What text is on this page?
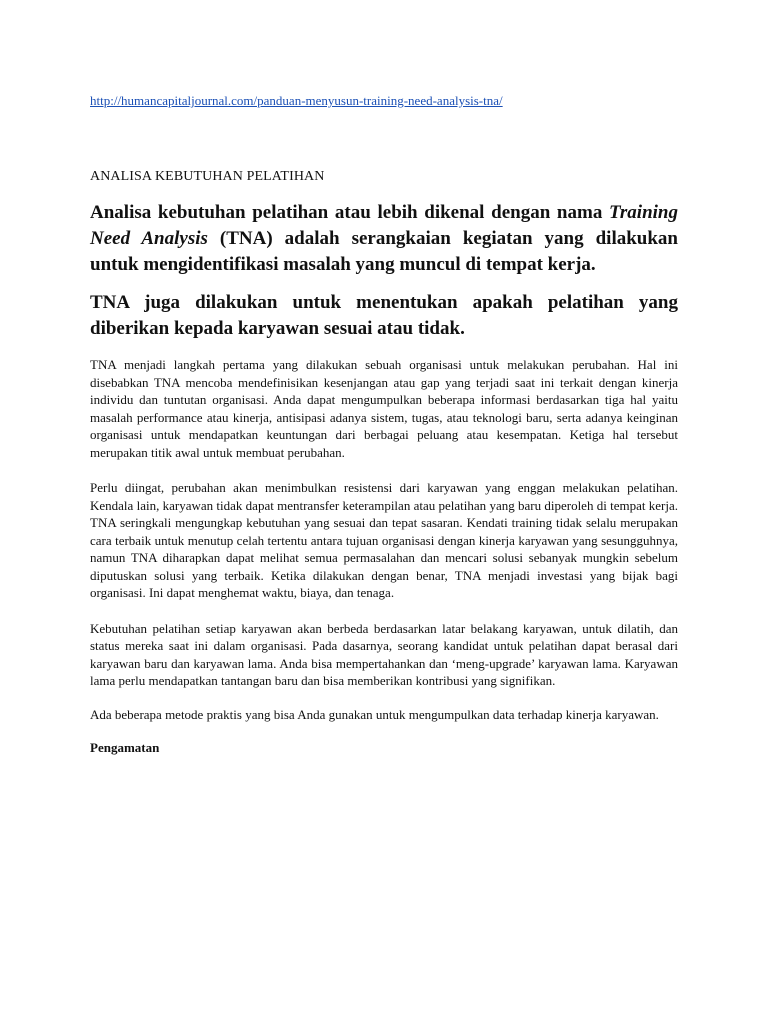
http://humancapitaljournal.com/panduan-menyusun-training-need-analysis-tna/
ANALISA KEBUTUHAN PELATIHAN

Analisa kebutuhan pelatihan atau lebih dikenal dengan nama Training Need Analysis (TNA) adalah serangkaian kegiatan yang dilakukan untuk mengidentifikasi masalah yang muncul di tempat kerja.

TNA juga dilakukan untuk menentukan apakah pelatihan yang diberikan kepada karyawan sesuai atau tidak.

TNA menjadi langkah pertama yang dilakukan sebuah organisasi untuk melakukan perubahan. Hal ini disebabkan TNA mencoba mendefinisikan kesenjangan atau gap yang terjadi saat ini terkait dengan kinerja individu dan tuntutan organisasi. Anda dapat mengumpulkan beberapa informasi berdasarkan tiga hal yaitu masalah performance atau kinerja, antisipasi adanya sistem, tugas, atau teknologi baru, serta adanya keinginan organisasi untuk mendapatkan keuntungan dari berbagai peluang atau kesempatan. Ketiga hal tersebut merupakan titik awal untuk membuat perubahan.

Perlu diingat, perubahan akan menimbulkan resistensi dari karyawan yang enggan melakukan pelatihan. Kendala lain, karyawan tidak dapat mentransfer keterampilan atau pelatihan yang baru diperoleh di tempat kerja. TNA seringkali mengungkap kebutuhan yang sesuai dan tepat sasaran. Kendati training tidak selalu merupakan cara terbaik untuk menutup celah tertentu antara tujuan organisasi dengan kinerja karyawan yang sesungguhnya, namun TNA diharapkan dapat melihat semua permasalahan dan mencari solusi sebanyak mungkin sebelum diputuskan solusi yang terbaik. Ketika dilakukan dengan benar, TNA menjadi investasi yang bijak bagi organisasi. Ini dapat menghemat waktu, biaya, dan tenaga.

Kebutuhan pelatihan setiap karyawan akan berbeda berdasarkan latar belakang karyawan, untuk dilatih, dan status mereka saat ini dalam organisasi. Pada dasarnya, seorang kandidat untuk pelatihan dapat berasal dari karyawan baru dan karyawan lama. Anda bisa mempertahankan dan ‘meng-upgrade’ karyawan lama. Karyawan lama perlu mendapatkan tantangan baru dan bisa memberikan kontribusi yang signifikan.

Ada beberapa metode praktis yang bisa Anda gunakan untuk mengumpulkan data terhadap kinerja karyawan.

Pengamatan
